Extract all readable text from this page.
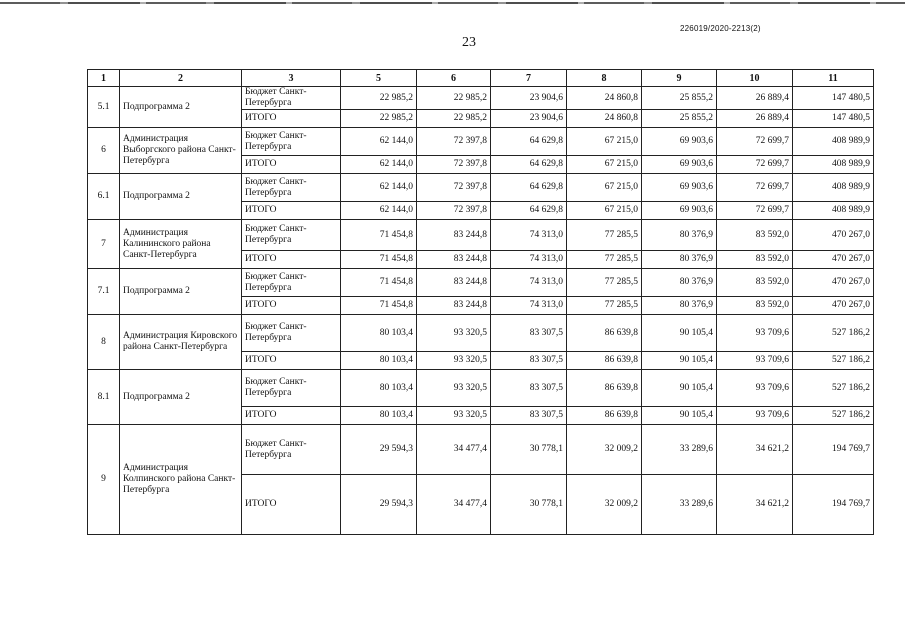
226019/2020-2213(2)
23
1	2	3	5	6	7	8	9	10	11
5.1	Подпрограмма 2	Бюджет Санкт-Петербурга	22 985,2	22 985,2	23 904,6	24 860,8	25 855,2	26 889,4	147 480,5
		ИТОГО	22 985,2	22 985,2	23 904,6	24 860,8	25 855,2	26 889,4	147 480,5
6	Администрация Выборгского района Санкт-Петербурга	Бюджет Санкт-Петербурга	62 144,0	72 397,8	64 629,8	67 215,0	69 903,6	72 699,7	408 989,9
		ИТОГО	62 144,0	72 397,8	64 629,8	67 215,0	69 903,6	72 699,7	408 989,9
6.1	Подпрограмма 2	Бюджет Санкт-Петербурга	62 144,0	72 397,8	64 629,8	67 215,0	69 903,6	72 699,7	408 989,9
		ИТОГО	62 144,0	72 397,8	64 629,8	67 215,0	69 903,6	72 699,7	408 989,9
7	Администрация Калининского района Санкт-Петербурга	Бюджет Санкт-Петербурга	71 454,8	83 244,8	74 313,0	77 285,5	80 376,9	83 592,0	470 267,0
		ИТОГО	71 454,8	83 244,8	74 313,0	77 285,5	80 376,9	83 592,0	470 267,0
7.1	Подпрограмма 2	Бюджет Санкт-Петербурга	71 454,8	83 244,8	74 313,0	77 285,5	80 376,9	83 592,0	470 267,0
		ИТОГО	71 454,8	83 244,8	74 313,0	77 285,5	80 376,9	83 592,0	470 267,0
8	Администрация Кировского района Санкт-Петербурга	Бюджет Санкт-Петербурга	80 103,4	93 320,5	83 307,5	86 639,8	90 105,4	93 709,6	527 186,2
		ИТОГО	80 103,4	93 320,5	83 307,5	86 639,8	90 105,4	93 709,6	527 186,2
8.1	Подпрограмма 2	Бюджет Санкт-Петербурга	80 103,4	93 320,5	83 307,5	86 639,8	90 105,4	93 709,6	527 186,2
		ИТОГО	80 103,4	93 320,5	83 307,5	86 639,8	90 105,4	93 709,6	527 186,2
9	Администрация Колпинского района Санкт-Петербурга	Бюджет Санкт-Петербурга	29 594,3	34 477,4	30 778,1	32 009,2	33 289,6	34 621,2	194 769,7
		ИТОГО	29 594,3	34 477,4	30 778,1	32 009,2	33 289,6	34 621,2	194 769,7
